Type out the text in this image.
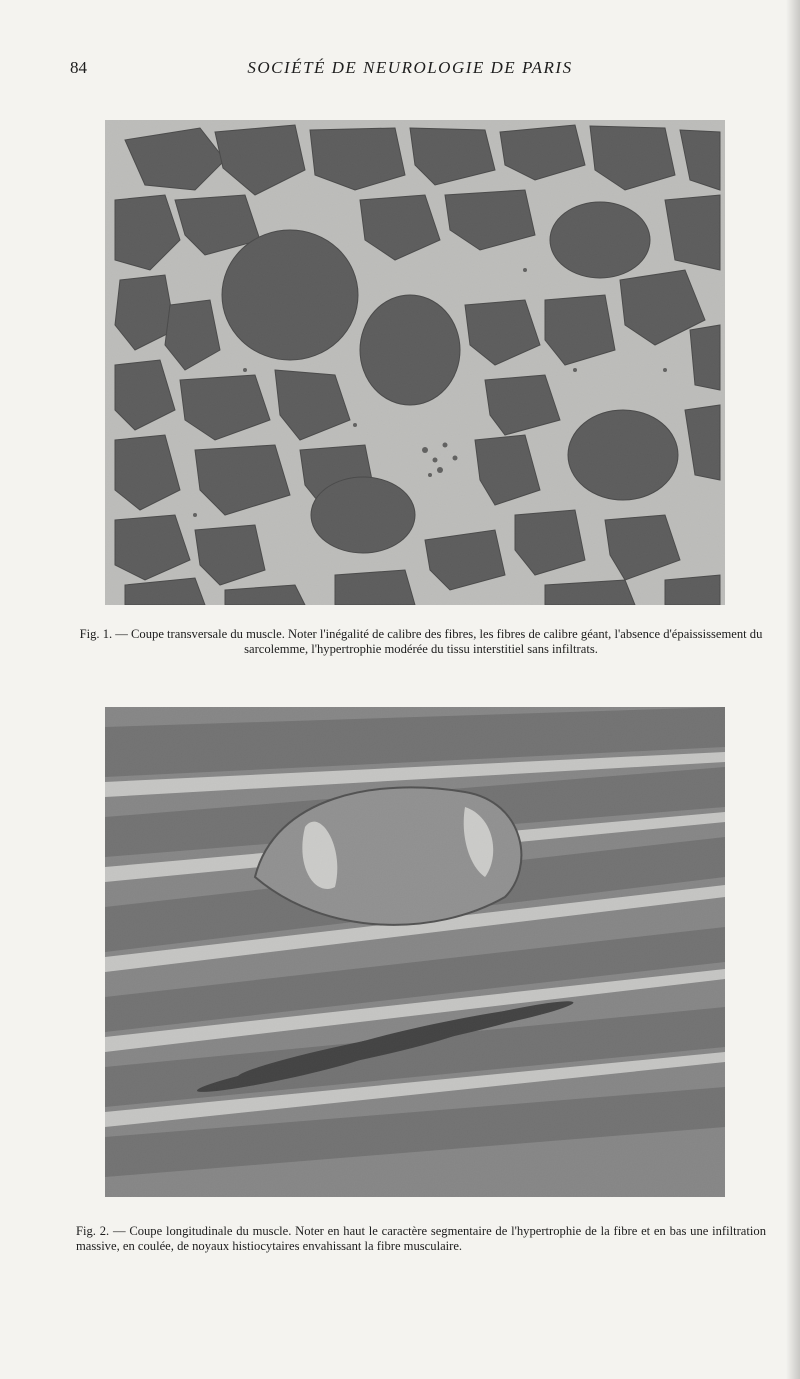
84	SOCIÉTÉ DE NEUROLOGIE DE PARIS
Fig. 1. — Coupe transversale du muscle. Noter l'inégalité de calibre des fibres, les fibres de calibre géant, l'absence d'épaississement du sarcolemme, l'hypertrophie modérée du tissu interstitiel sans infiltrats.
Fig. 2. — Coupe longitudinale du muscle. Noter en haut le caractère segmentaire de l'hypertrophie de la fibre et en bas une infiltration massive, en coulée, de noyaux histiocytaires envahissant la fibre musculaire.
